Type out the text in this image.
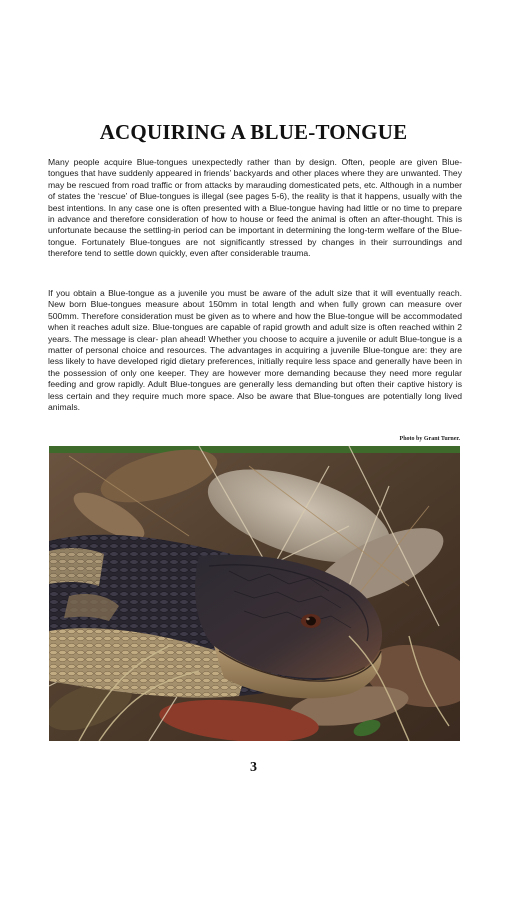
ACQUIRING A BLUE-TONGUE

Many people acquire Blue-tongues unexpectedly rather than by design. Often, people are given Blue-tongues that have suddenly appeared in friends’ backyards and other places where they are unwanted. They may be rescued from road traffic or from attacks by marauding domesticated pets, etc. Although in a number of states the ‘rescue’ of Blue-tongues is illegal (see pages 5-6), the reality is that it happens, usually with the best intentions. In any case one is often presented with a Blue-tongue having had little or no time to prepare in advance and therefore consideration of how to house or feed the animal is often an after-thought. This is unfortunate because the settling-in period can be important in determining the long-term welfare of the Blue-tongue. Fortunately Blue-tongues are not significantly stressed by changes in their surroundings and therefore tend to settle down quickly, even after considerable trauma.

If you obtain a Blue-tongue as a juvenile you must be aware of the adult size that it will eventually reach. New born Blue-tongues measure about 150mm in total length and when fully grown can measure over 500mm. Therefore consideration must be given as to where and how the Blue-tongue will be accommodated when it reaches adult size. Blue-tongues are capable of rapid growth and adult size is often reached within 2 years. The message is clear- plan ahead! Whether you choose to acquire a juvenile or adult Blue-tongue is a matter of personal choice and resources. The advantages in acquiring a juvenile Blue-tongue are: they are less likely to have developed rigid dietary preferences, initially require less space and generally have been in the possession of only one keeper. They are however more demanding because they need more regular feeding and grow rapidly. Adult Blue-tongues are generally less demanding but often their captive history is less certain and they require much more space. Also be aware that Blue-tongues are potentially long lived animals.

Photo by Grant Turner.
3
